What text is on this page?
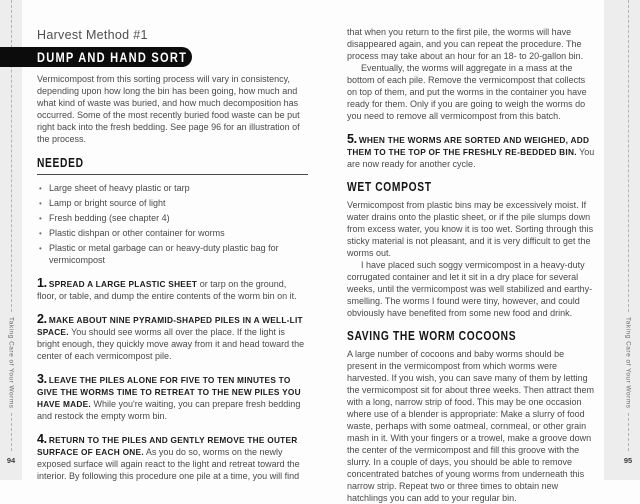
Taking Care of Your Worms
94
Harvest Method #1
DUMP AND HAND SORT

Vermicompost from this sorting process will vary in consistency, depending upon how long the bin has been going, how much and what kind of waste was buried, and how much decomposition has occurred. Some of the most recently buried food waste can be put right back into the fresh bedding. See page 96 for an illustration of the process.

NEEDED
• Large sheet of heavy plastic or tarp
• Lamp or bright source of light
• Fresh bedding (see chapter 4)
• Plastic dishpan or other container for worms
• Plastic or metal garbage can or heavy-duty plastic bag for vermicompost

1. SPREAD A LARGE PLASTIC SHEET or tarp on the ground, floor, or table, and dump the entire contents of the worm bin on it.

2. MAKE ABOUT NINE PYRAMID-SHAPED PILES IN A WELL-LIT SPACE. You should see worms all over the place. If the light is bright enough, they quickly move away from it and head toward the center of each vermicompost pile.

3. LEAVE THE PILES ALONE FOR FIVE TO TEN MINUTES TO GIVE THE WORMS TIME TO RETREAT TO THE NEW PILES YOU HAVE MADE. While you're waiting, you can prepare fresh bedding and restock the empty worm bin.

4. RETURN TO THE PILES AND GENTLY REMOVE THE OUTER SURFACE OF EACH ONE. As you do so, worms on the newly exposed surface will again react to the light and retreat toward the interior. By following this procedure one pile at a time, you will find

that when you return to the first pile, the worms will have disappeared again, and you can repeat the procedure. The process may take about an hour for an 18- to 20-gallon bin.

Eventually, the worms will aggregate in a mass at the bottom of each pile. Remove the vermicompost that collects on top of them, and put the worms in the container you have ready for them. Only if you are going to weigh the worms do you need to remove all vermicompost from this batch.

5. WHEN THE WORMS ARE SORTED AND WEIGHED, ADD THEM TO THE TOP OF THE FRESHLY RE-BEDDED BIN. You are now ready for another cycle.

WET COMPOST

Vermicompost from plastic bins may be excessively moist. If water drains onto the plastic sheet, or if the pile slumps down from excess water, you know it is too wet. Sorting through this sticky material is not pleasant, and it is very difficult to get the worms out.

I have placed such soggy vermicompost in a heavy-duty corrugated container and let it sit in a dry place for several weeks, until the vermicompost was well stabilized and earthy-smelling. The worms I found were tiny, however, and could obviously have benefited from some new food and drink.

SAVING THE WORM COCOONS

A large number of cocoons and baby worms should be present in the vermicompost from which worms were harvested. If you wish, you can save many of them by letting the vermicompost sit for about three weeks. Then attract them with a long, narrow strip of food. This may be one occasion where use of a blender is appropriate: Make a slurry of food waste, perhaps with some oatmeal, cornmeal, or other grain mash in it. With your fingers or a trowel, make a groove down the center of the vermicompost and fill this groove with the slurry. In a couple of days, you should be able to remove concentrated batches of young worms from underneath this narrow strip. Repeat two or three times to obtain new hatchlings you can add to your regular bin.

Taking Care of Your Worms
95
